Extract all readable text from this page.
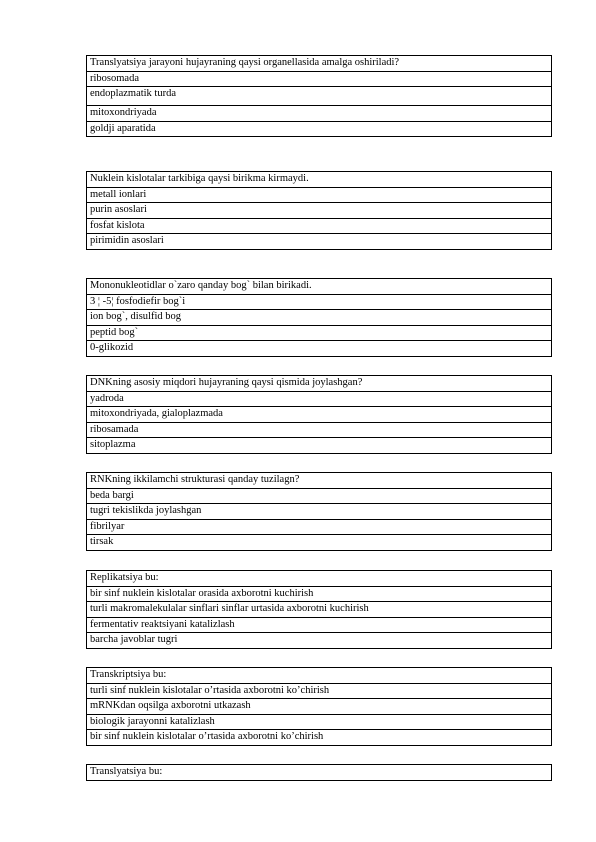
Translyatsiya jarayoni hujayraning qaysi organellasida amalga oshiriladi?
ribosomada
endoplazmatik turda
mitoxondriyada
goldji aparatida
Nuklein kislotalar tarkibiga qaysi birikma kirmaydi.
metall ionlari
purin asoslari
fosfat kislota
pirimidin asoslari
Mononukleotidlar o`zaro qanday bog` bilan birikadi.
3 ¦ -5¦ fosfodiefir bog`i
ion bog`, disulfid bog
peptid bog`
0-glikozid
DNKning asosiy miqdori hujayraning qaysi qismida joylashgan?
yadroda
mitoxondriyada, gialoplazmada
ribosamada
sitoplazma
RNKning ikkilamchi strukturasi qanday tuzilagn?
beda bargi
tugri tekislikda joylashgan
fibrilyar
tirsak
Replikatsiya bu:
bir sinf nuklein kislotalar orasida axborotni kuchirish
turli makromalekulalar sinflari sinflar urtasida axborotni kuchirish
fermentativ reaktsiyani katalizlash
barcha javoblar tugri
Transkriptsiya bu:
turli sinf nuklein kislotalar o’rtasida axborotni ko’chirish
mRNKdan oqsilga axborotni utkazash
biologik jarayonni katalizlash
bir sinf nuklein kislotalar o’rtasida axborotni ko’chirish
Translyatsiya bu:
